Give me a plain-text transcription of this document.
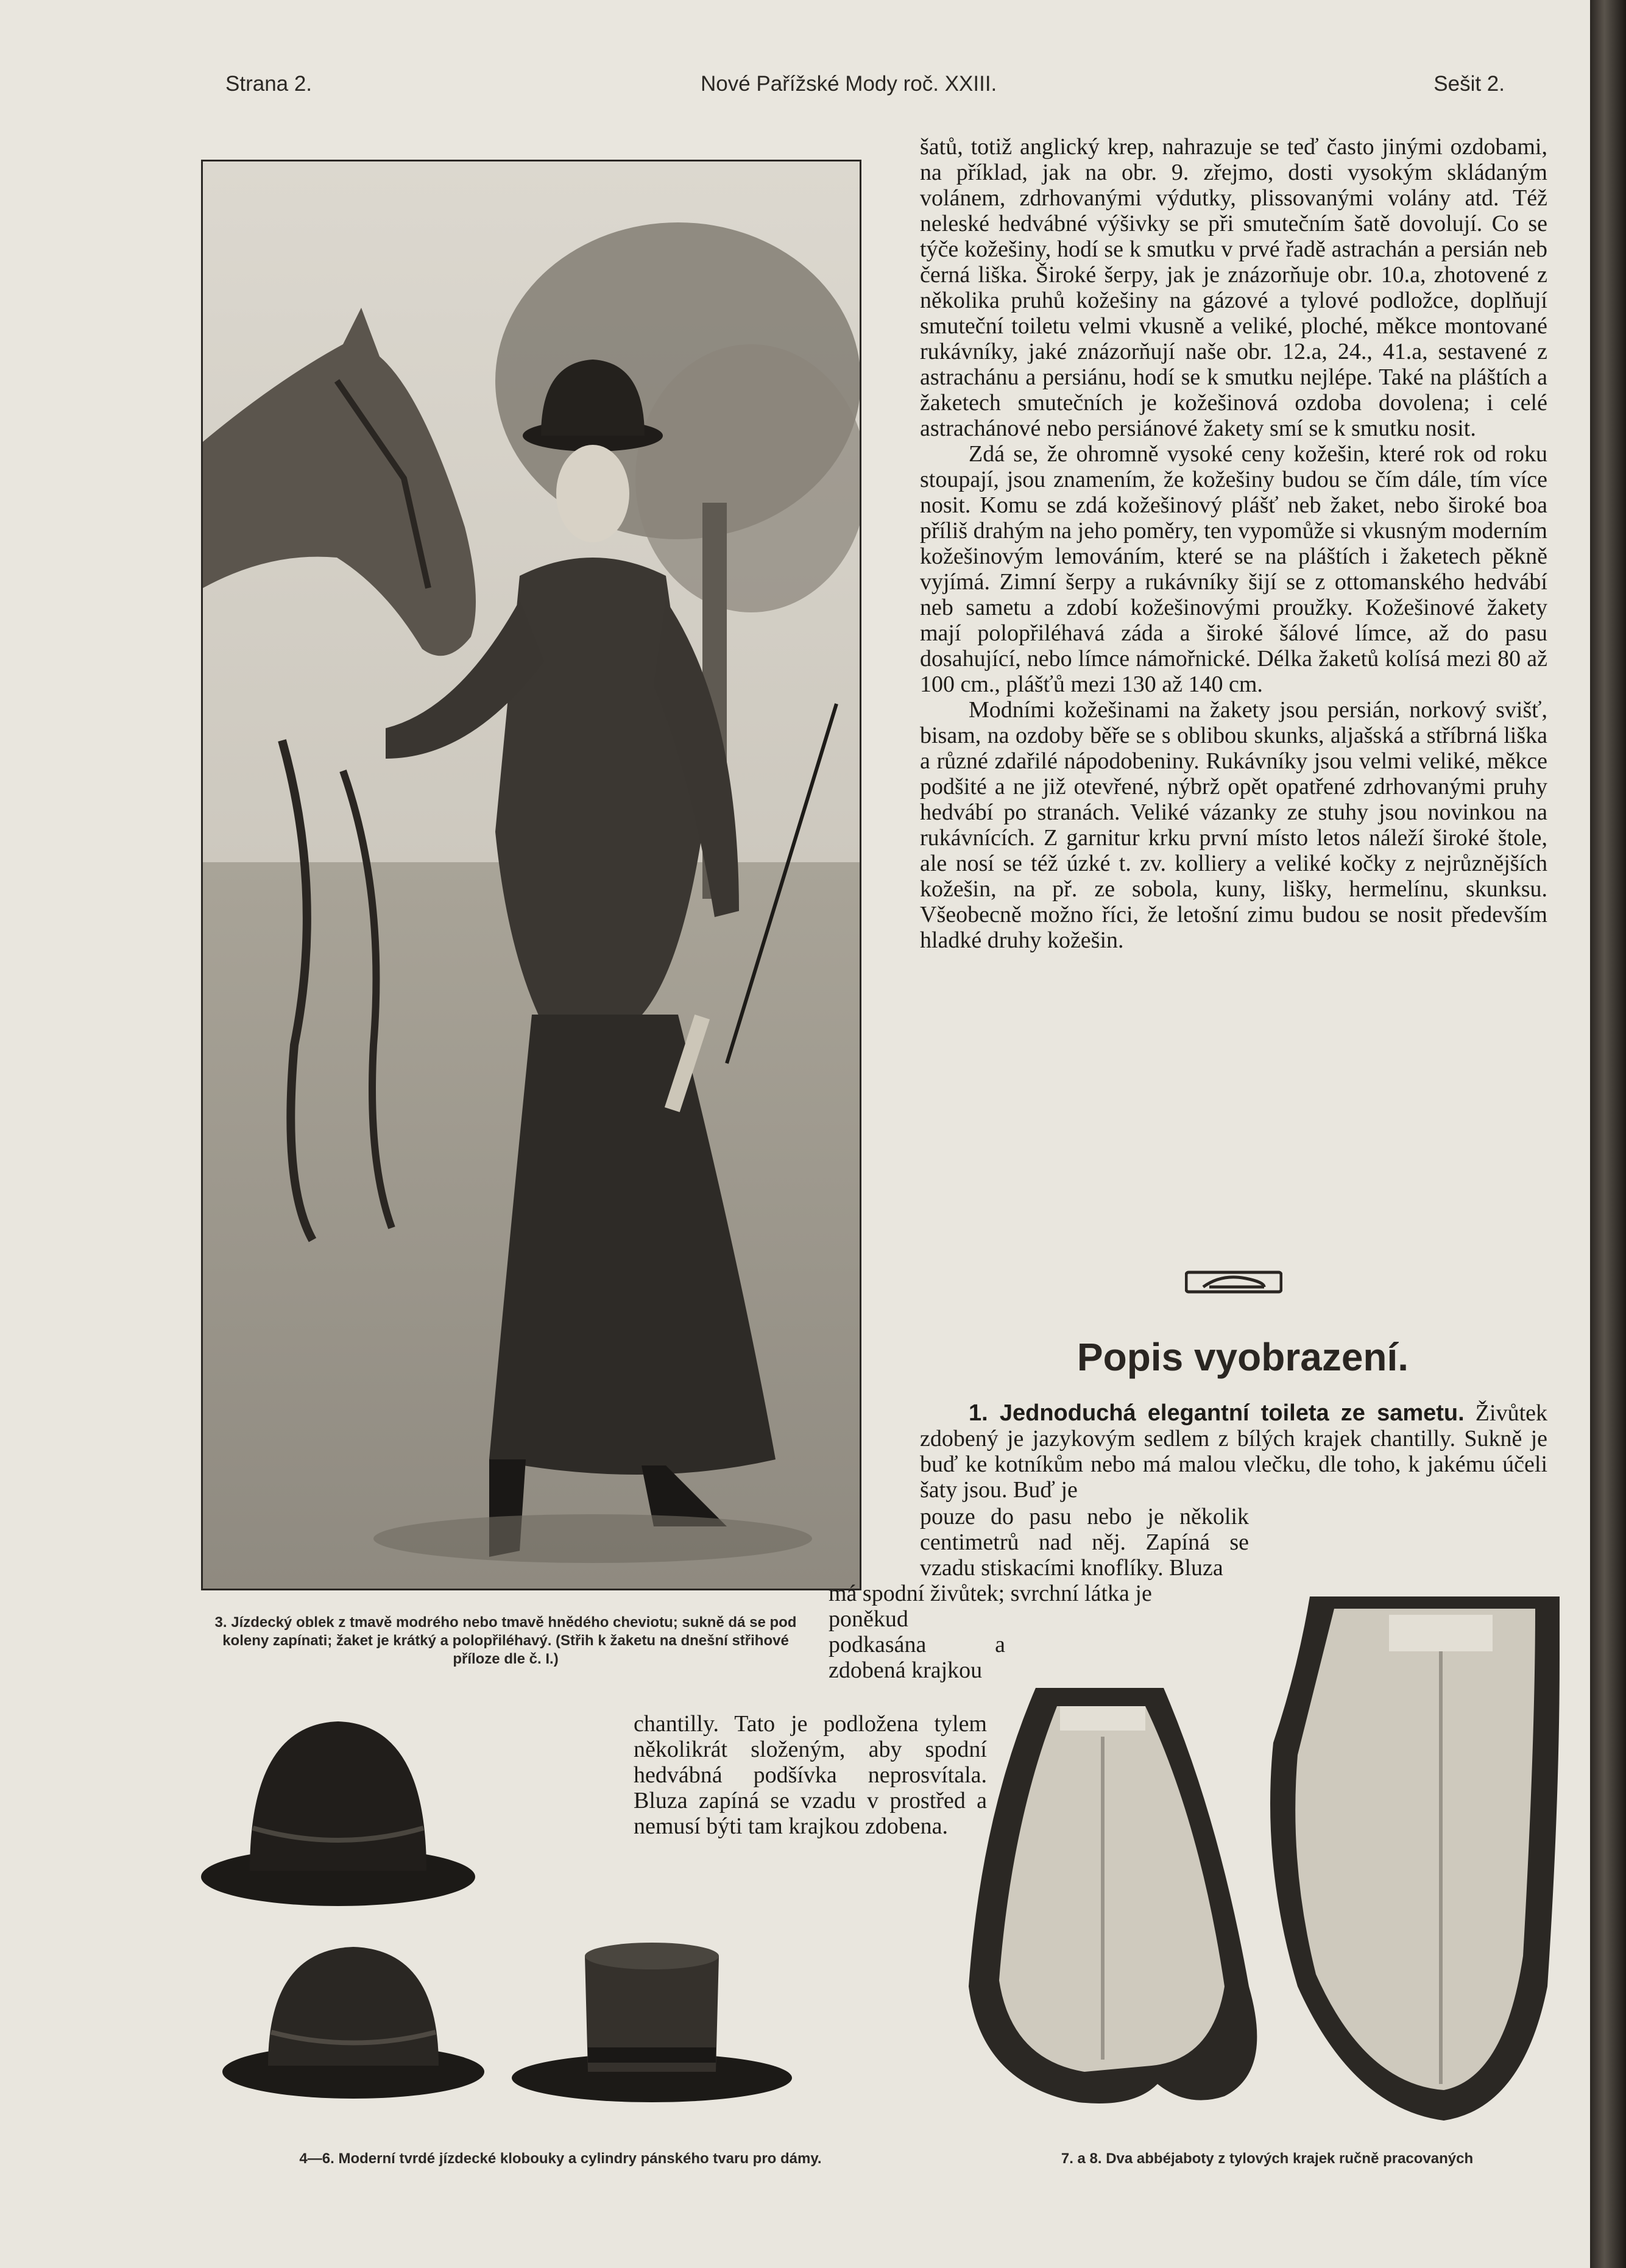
Strana 2.	Nové Pařížské Mody roč. XXIII.	Sešit 2.
3. Jízdecký oblek z tmavě modrého nebo tmavě hnědého cheviotu; sukně dá se pod koleny zapínati; žaket je krátký a polopřiléhavý. (Střih k žaketu na dnešní střihové příloze dle č. I.)

šatů, totiž anglický krep, nahrazuje se teď často jinými ozdobami, na příklad, jak na obr. 9. zřejmo, dosti vysokým skládaným volánem, zdrhovanými výdutky, plissovanými volány atd. Též neleské hedvábné výšivky se při smutečním šatě dovolují. Co se týče kožešiny, hodí se k smutku v prvé řadě astrachán a persián neb černá liška. Široké šerpy, jak je znázorňuje obr. 10.a, zhotovené z několika pruhů kožešiny na gázové a tylové podložce, doplňují smuteční toiletu velmi vkusně a veliké, ploché, měkce montované rukávníky, jaké znázorňují naše obr. 12.a, 24., 41.a, sestavené z astrachánu a persiánu, hodí se k smutku nejlépe. Také na pláštích a žaketech smutečních je kožešinová ozdoba dovolena; i celé astrachánové nebo persiánové žakety smí se k smutku nosit.

Zdá se, že ohromně vysoké ceny kožešin, které rok od roku stoupají, jsou znamením, že kožešiny budou se čím dále, tím více nosit. Komu se zdá kožešinový plášť neb žaket, nebo široké boa příliš drahým na jeho poměry, ten vypomůže si vkusným moderním kožešinovým lemováním, které se na pláštích i žaketech pěkně vyjímá. Zimní šerpy a rukávníky šijí se z ottomanského hedvábí neb sametu a zdobí kožešinovými proužky. Kožešinové žakety mají polopřiléhavá záda a široké šálové límce, až do pasu dosahující, nebo límce námořnické. Délka žaketů kolísá mezi 80 až 100 cm., plášťů mezi 130 až 140 cm.

Modními kožešinami na žakety jsou persián, norkový svišť, bisam, na ozdoby běře se s oblibou skunks, aljašská a stříbrná liška a různé zdařilé nápodobeniny. Rukávníky jsou velmi veliké, měkce podšité a ne již otevřené, nýbrž opět opatřené zdrhovanými pruhy hedvábí po stranách. Veliké vázanky ze stuhy jsou novinkou na rukávnících. Z garnitur krku první místo letos náleží široké štole, ale nosí se též úzké t. zv. kolliery a veliké kočky z nejrůznějších kožešin, na př. ze sobola, kuny, lišky, hermelínu, skunksu. Všeobecně možno říci, že letošní zimu budou se nosit především hladké druhy kožešin.

Popis vyobrazení.

1. Jednoduchá elegantní toileta ze sametu. Živůtek zdobený je jazykovým sedlem z bílých krajek chantilly. Sukně je buď ke kotníkům nebo má malou vlečku, dle toho, k jakému účeli šaty jsou. Buď je

pouze do pasu nebo je několik centimetrů nad něj. Zapíná se vzadu stiskacími knoflíky. Bluza

má spodní živůtek; svrchní látka je

poněkud podkasána a zdobená krajkou

chantilly. Tato je podložena tylem několikrát složeným, aby spodní hedvábná podšívka neprosvítala. Bluza zapíná se vzadu v prostřed a nemusí býti tam krajkou zdobena.

4—6. Moderní tvrdé jízdecké klobouky a cylindry pánského tvaru pro dámy.	7. a 8. Dva abbéjaboty z tylových krajek ručně pracovaných
